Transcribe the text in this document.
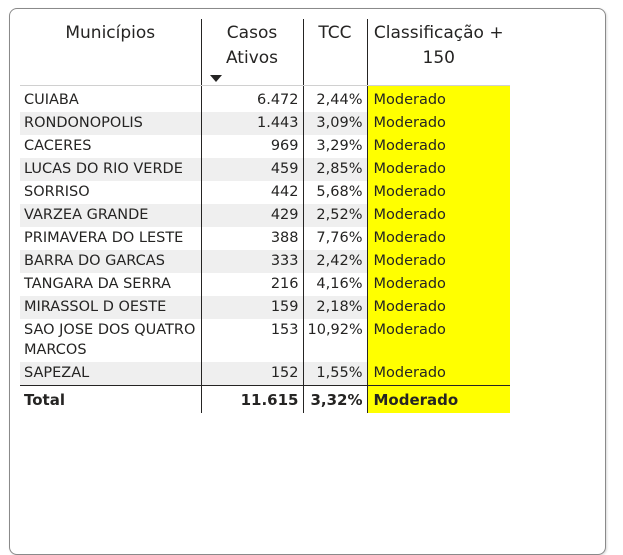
Municípios	Casos Ativos	TCC	Classificação + 150
CUIABA	6.472	2,44%	Moderado
RONDONOPOLIS	1.443	3,09%	Moderado
CACERES	969	3,29%	Moderado
LUCAS DO RIO VERDE	459	2,85%	Moderado
SORRISO	442	5,68%	Moderado
VARZEA GRANDE	429	2,52%	Moderado
PRIMAVERA DO LESTE	388	7,76%	Moderado
BARRA DO GARCAS	333	2,42%	Moderado
TANGARA DA SERRA	216	4,16%	Moderado
MIRASSOL D OESTE	159	2,18%	Moderado
SAO JOSE DOS QUATRO MARCOS	153	10,92%	Moderado
SAPEZAL	152	1,55%	Moderado
Total	11.615	3,32%	Moderado
